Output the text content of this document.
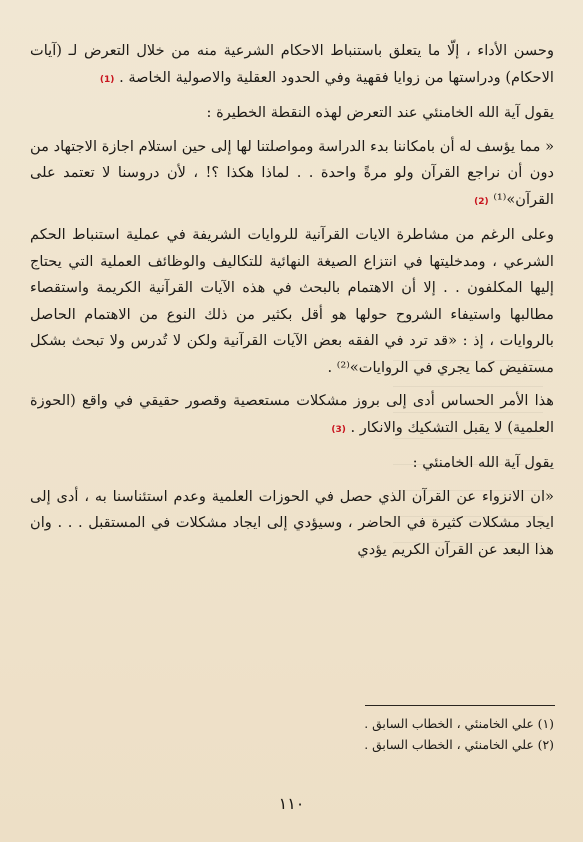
وحسن الأداء ، إلّا ما يتعلق باستنباط الاحكام الشرعية منه من خلال التعرض لـ (آيات الاحكام) ودراستها من زوايا فقهية وفي الحدود العقلية والاصولية الخاصة . (1)

يقول آية الله الخامنئي عند التعرض لهذه النقطة الخطيرة :

« مما يؤسف له أن بامكاننا بدء الدراسة ومواصلتنا لها إلى حين استلام اجازة الاجتهاد من دون أن نراجع القرآن ولو مرةً واحدة . . لماذا هكذا ؟! ، لأن دروسنا لا تعتمد على القرآن»⁽¹⁾ (2)

وعلى الرغم من مشاطرة الايات القرآنية للروايات الشريفة في عملية استنباط الحكم الشرعي ، ومدخليتها في انتزاع الصيغة النهائية للتكاليف والوظائف العملية التي يحتاج إليها المكلفون . . إلا أن الاهتمام بالبحث في هذه الآيات القرآنية الكريمة واستقصاء مطالبها واستيفاء الشروح حولها هو أقل بكثير من ذلك النوع من الاهتمام الحاصل بالروايات ، إذ : «قد ترد في الفقه بعض الآيات القرآنية ولكن لا تُدرس ولا تبحث بشكل مستفيض كما يجري في الروايات»⁽²⁾ .

هذا الأمر الحساس أدى إلى بروز مشكلات مستعصية وقصور حقيقي في واقع (الحوزة العلمية) لا يقبل التشكيك والانكار . (3)

يقول آية الله الخامنئي :

«ان الانزواء عن القرآن الذي حصل في الحوزات العلمية وعدم استئناسنا به ، أدى إلى ايجاد مشكلات كثيرة في الحاضر ، وسيؤدي إلى ايجاد مشكلات في المستقبل . . . وان هذا البعد عن القرآن الكريم يؤدي

(١) علي الخامنئي ، الخطاب السابق .
(٢) علي الخامنئي ، الخطاب السابق .
١١٠
